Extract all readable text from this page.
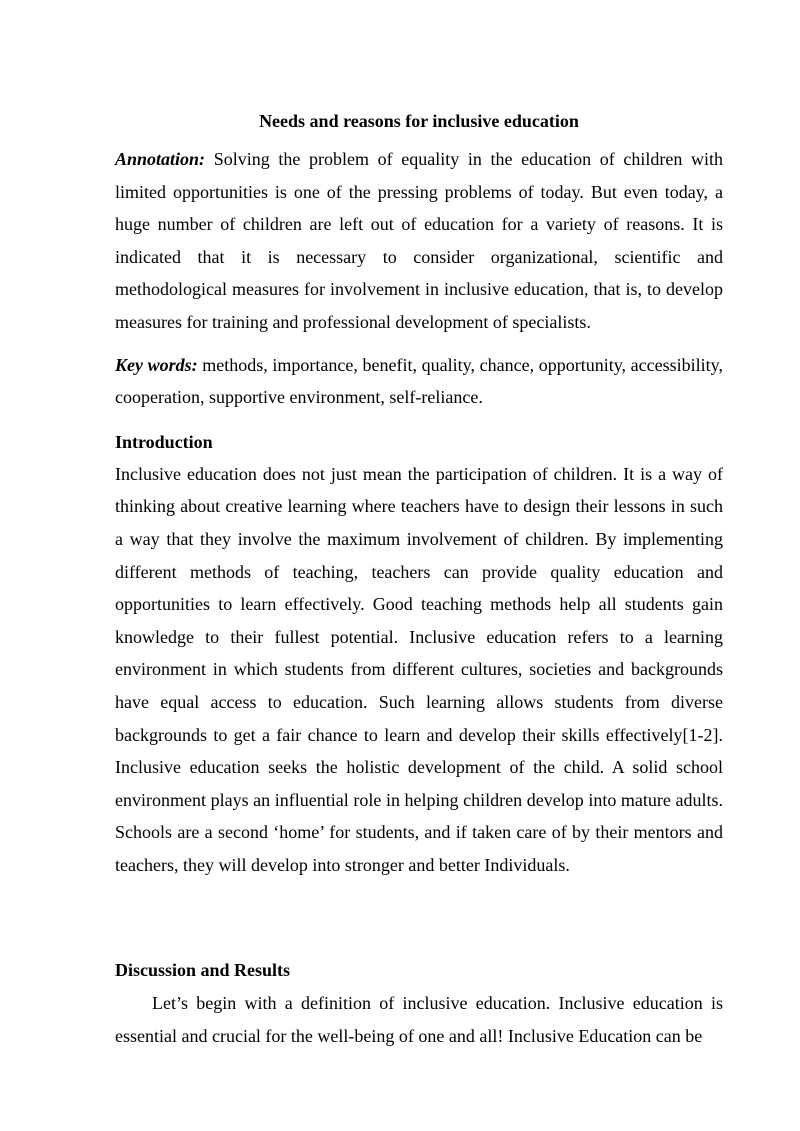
Needs and reasons for inclusive education

Annotation: Solving the problem of equality in the education of children with limited opportunities is one of the pressing problems of today. But even today, a huge number of children are left out of education for a variety of reasons. It is indicated that it is necessary to consider organizational, scientific and methodological measures for involvement in inclusive education, that is, to develop measures for training and professional development of specialists.

Key words: methods, importance, benefit, quality, chance, opportunity, accessibility, cooperation, supportive environment, self-reliance.

Introduction

Inclusive education does not just mean the participation of children. It is a way of thinking about creative learning where teachers have to design their lessons in such a way that they involve the maximum involvement of children. By implementing different methods of teaching, teachers can provide quality education and opportunities to learn effectively. Good teaching methods help all students gain knowledge to their fullest potential. Inclusive education refers to a learning environment in which students from different cultures, societies and backgrounds have equal access to education. Such learning allows students from diverse backgrounds to get a fair chance to learn and develop their skills effectively[1-2]. Inclusive education seeks the holistic development of the child. A solid school environment plays an influential role in helping children develop into mature adults. Schools are a second ‘home’ for students, and if taken care of by their mentors and teachers, they will develop into stronger and better Individuals.

Discussion and Results

Let’s begin with a definition of inclusive education. Inclusive education is essential and crucial for the well-being of one and all! Inclusive Education can be
